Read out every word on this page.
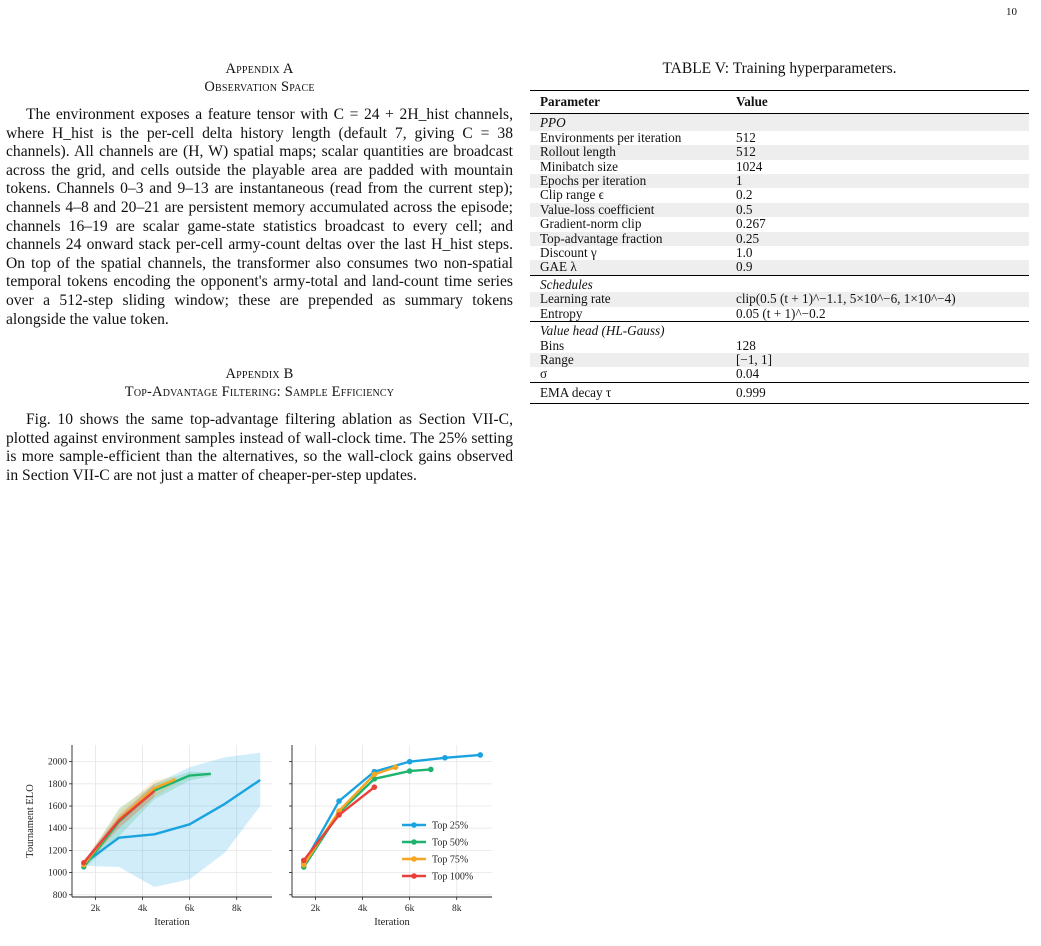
10
Appendix A
Observation Space

The environment exposes a feature tensor with C = 24 + 2H_hist channels, where H_hist is the per-cell delta history length (default 7, giving C = 38 channels). All channels are (H, W) spatial maps; scalar quantities are broadcast across the grid, and cells outside the playable area are padded with mountain tokens. Channels 0–3 and 9–13 are instantaneous (read from the current step); channels 4–8 and 20–21 are persistent memory accumulated across the episode; channels 16–19 are scalar game-state statistics broadcast to every cell; and channels 24 onward stack per-cell army-count deltas over the last H_hist steps. On top of the spatial channels, the transformer also consumes two non-spatial temporal tokens encoding the opponent's army-total and land-count time series over a 512-step sliding window; these are prepended as summary tokens alongside the value token.

Appendix B
Top-Advantage Filtering: Sample Efficiency

Fig. 10 shows the same top-advantage filtering ablation as Section VII-C, plotted against environment samples instead of wall-clock time. The 25% setting is more sample-efficient than the alternatives, so the wall-clock gains observed in Section VII-C are not just a matter of cheaper-per-step updates.

TABLE V: Training hyperparameters.
Parameter	Value
PPO	
Environments per iteration	512
Rollout length	512
Minibatch size	1024
Epochs per iteration	1
Clip range ϵ	0.2
Value-loss coefficient	0.5
Gradient-norm clip	0.267
Top-advantage fraction	0.25
Discount γ	1.0
GAE λ	0.9
Schedules	
Learning rate	clip(0.5 (t + 1)^−1.1, 5×10^−6, 1×10^−4)
Entropy	0.05 (t + 1)^−0.2
Value head (HL-Gauss)	
Bins	128
Range	[−1, 1]
σ	0.04
EMA decay τ	0.999
2k	4k	6k	8k
800
1000
1200
1400
1600
1800
2000
Iteration
Tournament ELO
2k	4k	6k	8k
Iteration
Top 25%
Top 50%
Top 75%
Top 100%
